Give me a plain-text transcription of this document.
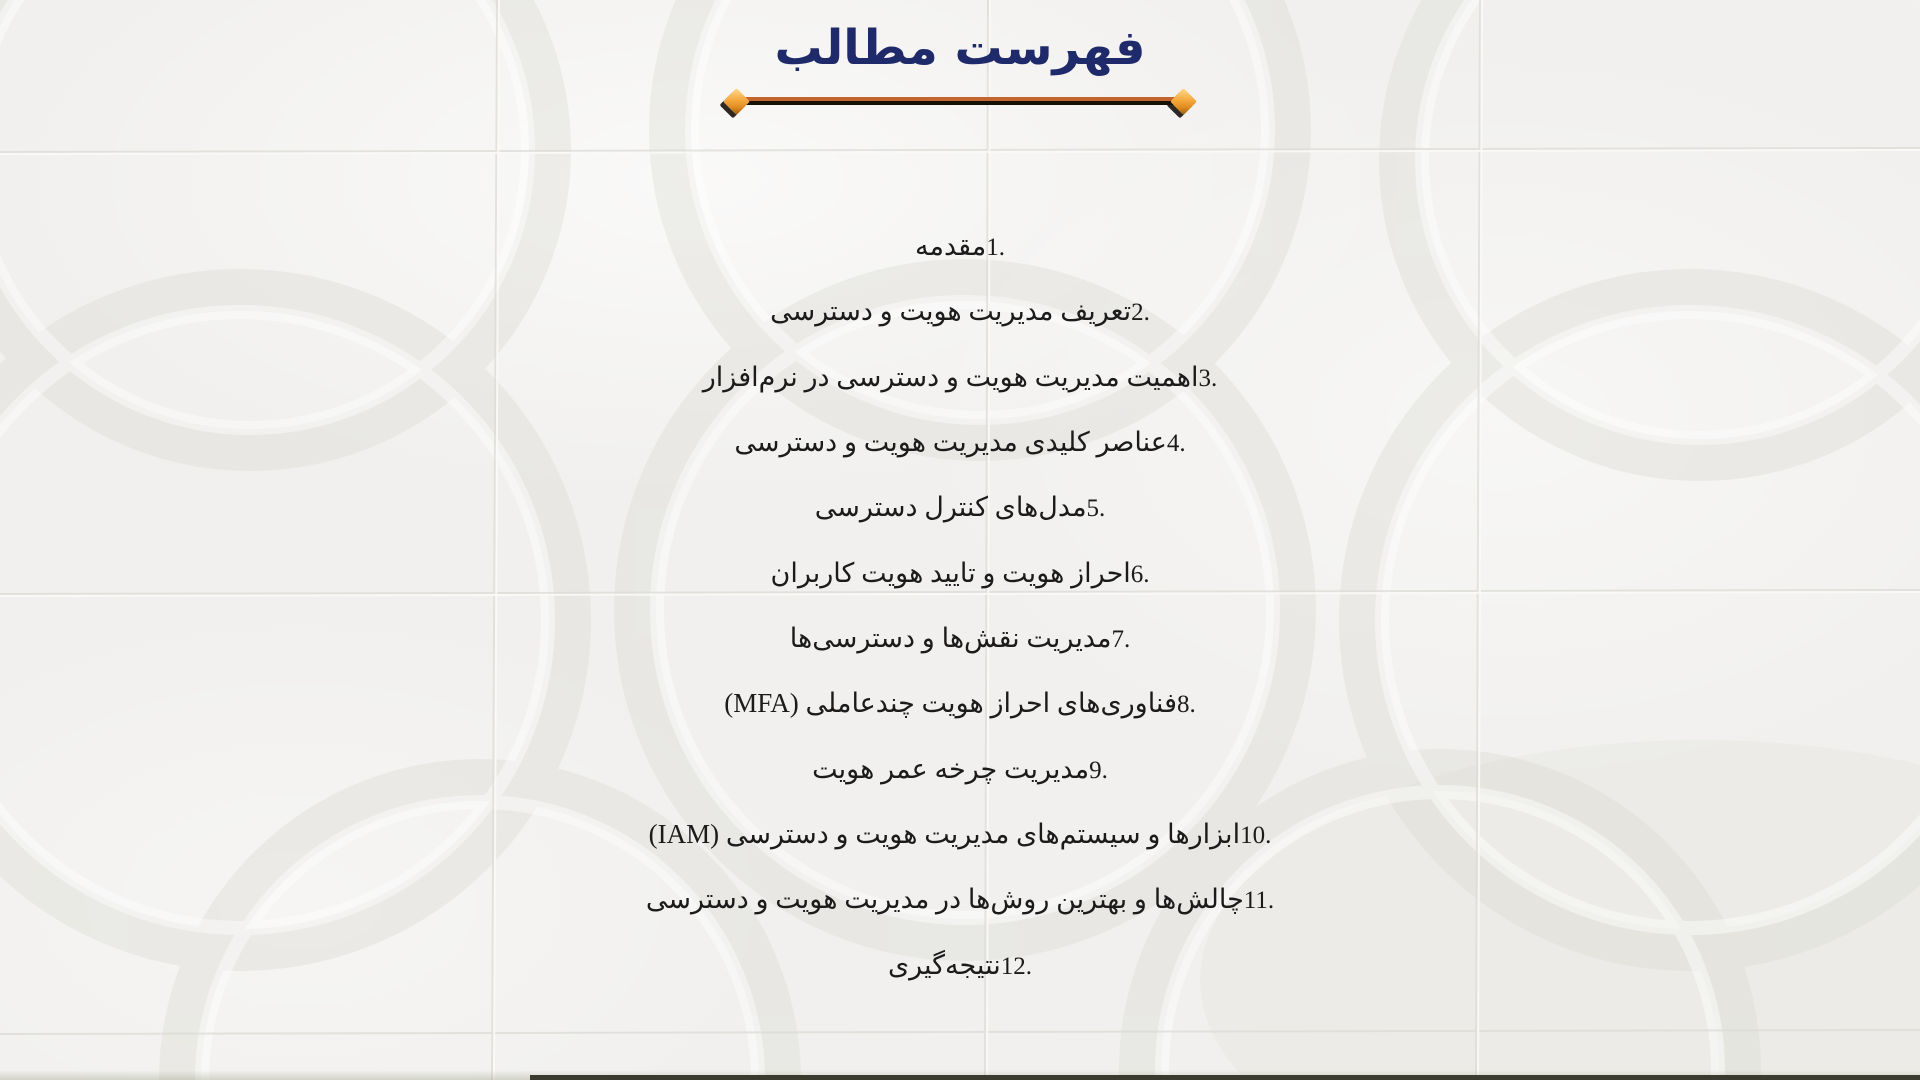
فهرست مطالب
1.مقدمه
2.تعریف مدیریت هویت و دسترسی
3.اهمیت مدیریت هویت و دسترسی در نرم‌افزار
4.عناصر کلیدی مدیریت هویت و دسترسی
5.مدل‌های کنترل دسترسی
6.احراز هویت و تایید هویت کاربران
7.مدیریت نقش‌ها و دسترسی‌ها
8.فناوری‌های احراز هویت چندعاملی (MFA)
9.مدیریت چرخه عمر هویت
10.ابزارها و سیستم‌های مدیریت هویت و دسترسی (IAM)
11.چالش‌ها و بهترین روش‌ها در مدیریت هویت و دسترسی
12.نتیجه‌گیری
